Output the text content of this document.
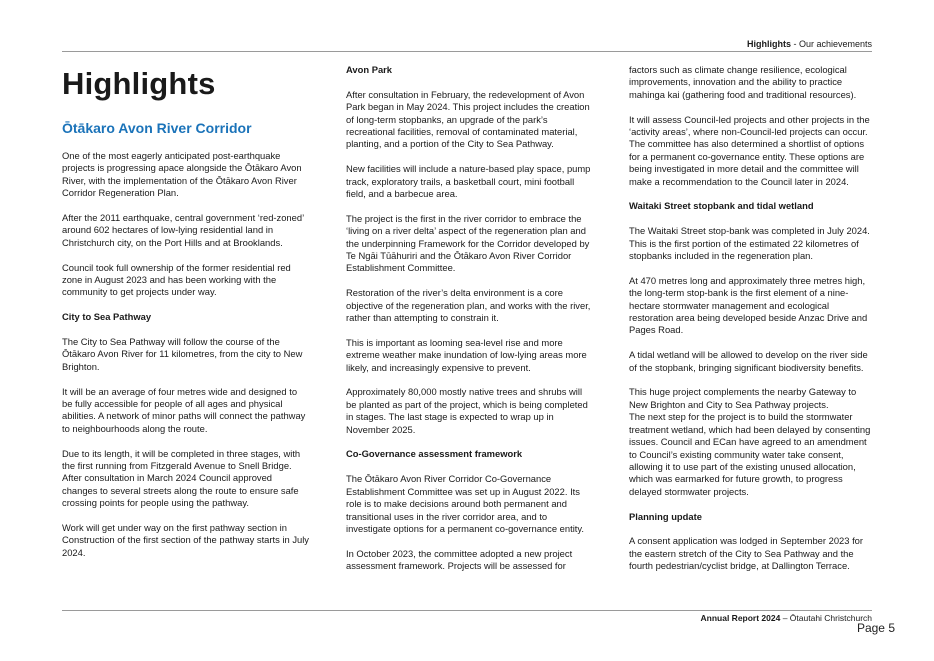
Highlights - Our achievements
Highlights
Ōtākaro Avon River Corridor

One of the most eagerly anticipated post-earthquake projects is progressing apace alongside the Ōtākaro Avon River, with the implementation of the Ōtākaro Avon River Corridor Regeneration Plan.

After the 2011 earthquake, central government ‘red-zoned’ around 602 hectares of low-lying residential land in Christchurch city, on the Port Hills and at Brooklands.

Council took full ownership of the former residential red zone in August 2023 and has been working with the community to get projects under way.

City to Sea Pathway

The City to Sea Pathway will follow the course of the Ōtākaro Avon River for 11 kilometres, from the city to New Brighton.

It will be an average of four metres wide and designed to be fully accessible for people of all ages and physical abilities. A network of minor paths will connect the pathway to neighbourhoods along the route.

Due to its length, it will be completed in three stages, with the first running from Fitzgerald Avenue to Snell Bridge. After consultation in March 2024 Council approved changes to several streets along the route to ensure safe crossing points for people using the pathway.

Work will get under way on the first pathway section in Construction of the first section of the pathway starts in July 2024.

Avon Park

After consultation in February, the redevelopment of Avon Park began in May 2024. This project includes the creation of long-term stopbanks, an upgrade of the park’s recreational facilities, removal of contaminated material, planting, and a portion of the City to Sea Pathway.

New facilities will include a nature-based play space, pump track, exploratory trails, a basketball court, mini football field, and a barbecue area.

The project is the first in the river corridor to embrace the ‘living on a river delta’ aspect of the regeneration plan and the underpinning Framework for the Corridor developed by Te Ngāi Tūāhuriri and the Ōtākaro Avon River Corridor Establishment Committee.

Restoration of the river’s delta environment is a core objective of the regeneration plan, and works with the river, rather than attempting to constrain it.

This is important as looming sea-level rise and more extreme weather make inundation of low-lying areas more likely, and increasingly expensive to prevent.

Approximately 80,000 mostly native trees and shrubs will be planted as part of the project, which is being completed in stages. The last stage is expected to wrap up in November 2025.

Co-Governance assessment framework

The Ōtākaro Avon River Corridor Co-Governance Establishment Committee was set up in August 2022. Its role is to make decisions around both permanent and transitional uses in the river corridor area, and to investigate options for a permanent co-governance entity.

In October 2023, the committee adopted a new project assessment framework. Projects will be assessed for

factors such as climate change resilience, ecological improvements, innovation and the ability to practice mahinga kai (gathering food and traditional resources).

It will assess Council-led projects and other projects in the ‘activity areas’, where non-Council-led projects can occur. The committee has also determined a shortlist of options for a permanent co-governance entity. These options are being investigated in more detail and the committee will make a recommendation to the Council later in 2024.

Waitaki Street stopbank and tidal wetland

The Waitaki Street stop-bank was completed in July 2024. This is the first portion of the estimated 22 kilometres of stopbanks included in the regeneration plan.

At 470 metres long and approximately three metres high, the long-term stop-bank is the first element of a nine-hectare stormwater management and ecological restoration area being developed beside Anzac Drive and Pages Road.

A tidal wetland will be allowed to develop on the river side of the stopbank, bringing significant biodiversity benefits.

This huge project complements the nearby Gateway to New Brighton and City to Sea Pathway projects.

The next step for the project is to build the stormwater treatment wetland, which had been delayed by consenting issues. Council and ECan have agreed to an amendment to Council’s existing community water take consent, allowing it to use part of the existing unused allocation, which was earmarked for future growth, to progress delayed stormwater projects.

Planning update

A consent application was lodged in September 2023 for the eastern stretch of the City to Sea Pathway and the fourth pedestrian/cyclist bridge, at Dallington Terrace.

Annual Report 2024 – Ōtautahi Christchurch
Page 5
